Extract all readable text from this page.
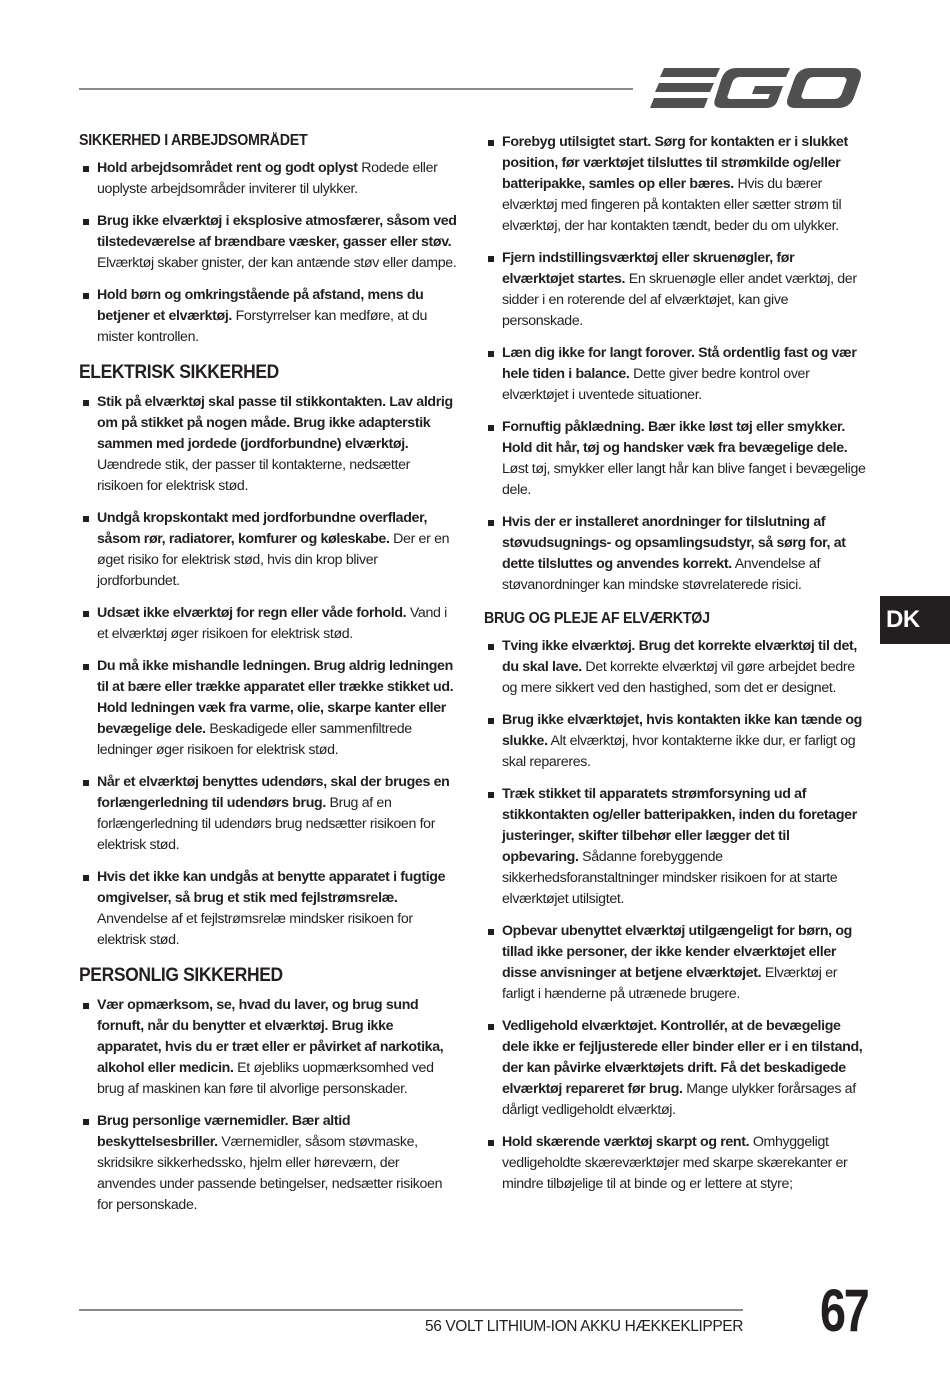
SIKKERHED I ARBEJDSOMRÅDET
Hold arbejdsområdet rent og godt oplyst Rodede eller uoplyste arbejdsområder inviterer til ulykker.
Brug ikke elværktøj i eksplosive atmosfærer, såsom ved tilstedeværelse af brændbare væsker, gasser eller støv. Elværktøj skaber gnister, der kan antænde støv eller dampe.
Hold børn og omkringstående på afstand, mens du betjener et elværktøj. Forstyrrelser kan medføre, at du mister kontrollen.
ELEKTRISK SIKKERHED
Stik på elværktøj skal passe til stikkontakten. Lav aldrig om på stikket på nogen måde. Brug ikke adapterstik sammen med jordede (jordforbundne) elværktøj. Uændrede stik, der passer til kontakterne, nedsætter risikoen for elektrisk stød.
Undgå kropskontakt med jordforbundne overflader, såsom rør, radiatorer, komfurer og køleskabe. Der er en øget risiko for elektrisk stød, hvis din krop bliver jordforbundet.
Udsæt ikke elværktøj for regn eller våde forhold. Vand i et elværktøj øger risikoen for elektrisk stød.
Du må ikke mishandle ledningen. Brug aldrig ledningen til at bære eller trække apparatet eller trække stikket ud. Hold ledningen væk fra varme, olie, skarpe kanter eller bevægelige dele. Beskadigede eller sammenfiltrede ledninger øger risikoen for elektrisk stød.
Når et elværktøj benyttes udendørs, skal der bruges en forlængerledning til udendørs brug. Brug af en forlængerledning til udendørs brug nedsætter risikoen for elektrisk stød.
Hvis det ikke kan undgås at benytte apparatet i fugtige omgivelser, så brug et stik med fejlstrømsrelæ. Anvendelse af et fejlstrømsrelæ mindsker risikoen for elektrisk stød.
PERSONLIG SIKKERHED
Vær opmærksom, se, hvad du laver, og brug sund fornuft, når du benytter et elværktøj. Brug ikke apparatet, hvis du er træt eller er påvirket af narkotika, alkohol eller medicin. Et øjebliks uopmærksomhed ved brug af maskinen kan føre til alvorlige personskader.
Brug personlige værnemidler. Bær altid beskyttelsesbriller. Værnemidler, såsom støvmaske, skridsikre sikkerhedssko, hjelm eller høreværn, der anvendes under passende betingelser, nedsætter risikoen for personskade.
Forebyg utilsigtet start. Sørg for kontakten er i slukket position, før værktøjet tilsluttes til strømkilde og/eller batteripakke, samles op eller bæres. Hvis du bærer elværktøj med fingeren på kontakten eller sætter strøm til elværktøj, der har kontakten tændt, beder du om ulykker.
Fjern indstillingsværktøj eller skruenøgler, før elværktøjet startes. En skruenøgle eller andet værktøj, der sidder i en roterende del af elværktøjet, kan give personskade.
Læn dig ikke for langt forover. Stå ordentlig fast og vær hele tiden i balance. Dette giver bedre kontrol over elværktøjet i uventede situationer.
Fornuftig påklædning. Bær ikke løst tøj eller smykker. Hold dit hår, tøj og handsker væk fra bevægelige dele. Løst tøj, smykker eller langt hår kan blive fanget i bevægelige dele.
Hvis der er installeret anordninger for tilslutning af støvudsugnings- og opsamlingsudstyr, så sørg for, at dette tilsluttes og anvendes korrekt. Anvendelse af støvanordninger kan mindske støvrelaterede risici.
BRUG OG PLEJE AF ELVÆRKTØJ
Tving ikke elværktøj. Brug det korrekte elværktøj til det, du skal lave. Det korrekte elværktøj vil gøre arbejdet bedre og mere sikkert ved den hastighed, som det er designet.
Brug ikke elværktøjet, hvis kontakten ikke kan tænde og slukke. Alt elværktøj, hvor kontakterne ikke dur, er farligt og skal repareres.
Træk stikket til apparatets strømforsyning ud af stikkontakten og/eller batteripakken, inden du foretager justeringer, skifter tilbehør eller lægger det til opbevaring. Sådanne forebyggende sikkerhedsforanstaltninger mindsker risikoen for at starte elværktøjet utilsigtet.
Opbevar ubenyttet elværktøj utilgængeligt for børn, og tillad ikke personer, der ikke kender elværktøjet eller disse anvisninger at betjene elværktøjet. Elværktøj er farligt i hænderne på utrænede brugere.
Vedligehold elværktøjet. Kontrollér, at de bevægelige dele ikke er fejljusterede eller binder eller er i en tilstand, der kan påvirke elværktøjets drift. Få det beskadigede elværktøj repareret før brug. Mange ulykker forårsages af dårligt vedligeholdt elværktøj.
Hold skærende værktøj skarpt og rent. Omhyggeligt vedligeholdte skæreværktøjer med skarpe skærekanter er mindre tilbøjelige til at binde og er lettere at styre;
DK
56 VOLT LITHIUM-ION AKKU HÆKKEKLIPPER 67
